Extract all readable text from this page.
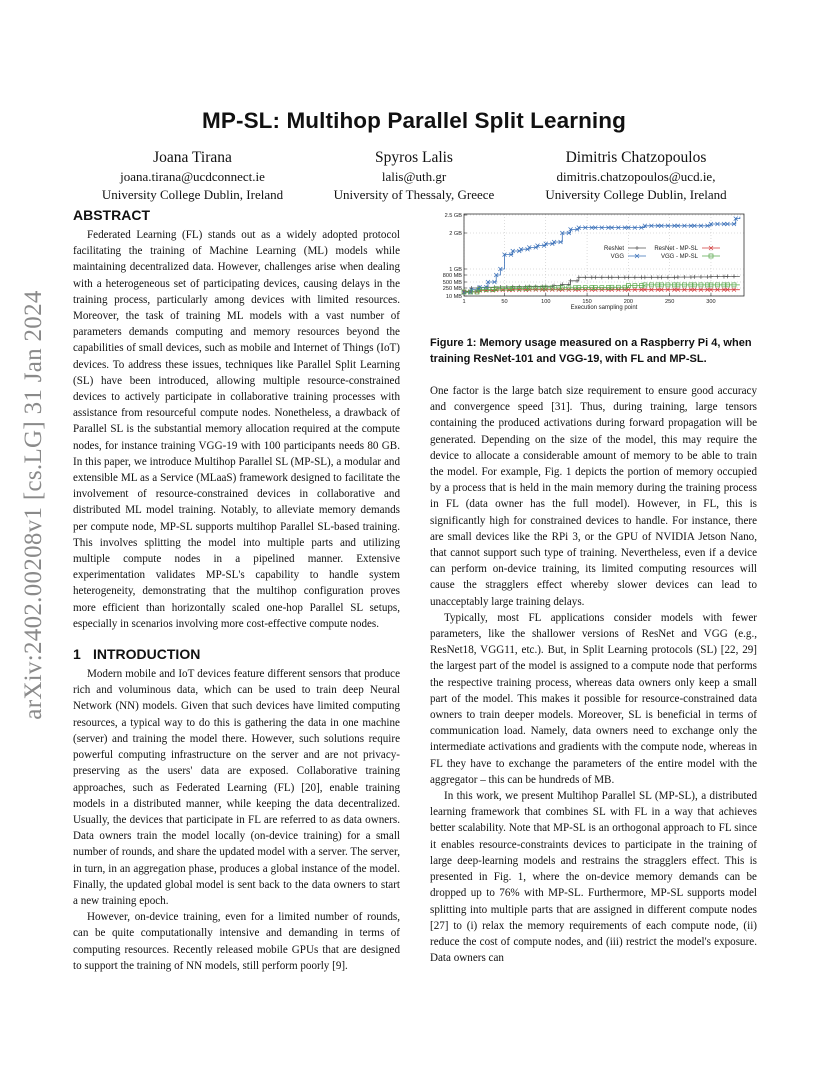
arXiv:2402.00208v1 [cs.LG] 31 Jan 2024
MP-SL: Multihop Parallel Split Learning
Joana Tirana
joana.tirana@ucdconnect.ie
University College Dublin, Ireland
Spyros Lalis
lalis@uth.gr
University of Thessaly, Greece
Dimitris Chatzopoulos
dimitris.chatzopoulos@ucd.ie,
University College Dublin, Ireland
ABSTRACT

Federated Learning (FL) stands out as a widely adopted protocol facilitating the training of Machine Learning (ML) models while maintaining decentralized data. However, challenges arise when dealing with a heterogeneous set of participating devices, causing delays in the training process, particularly among devices with limited resources. Moreover, the task of training ML models with a vast number of parameters demands computing and memory resources beyond the capabilities of small devices, such as mobile and Internet of Things (IoT) devices. To address these issues, techniques like Parallel Split Learning (SL) have been introduced, allowing multiple resource-constrained devices to actively participate in collaborative training processes with assistance from resourceful compute nodes. Nonetheless, a drawback of Parallel SL is the substantial memory allocation required at the compute nodes, for instance training VGG-19 with 100 participants needs 80 GB. In this paper, we introduce Multihop Parallel SL (MP-SL), a modular and extensible ML as a Service (MLaaS) framework designed to facilitate the involvement of resource-constrained devices in collaborative and distributed ML model training. Notably, to alleviate memory demands per compute node, MP-SL supports multihop Parallel SL-based training. This involves splitting the model into multiple parts and utilizing multiple compute nodes in a pipelined manner. Extensive experimentation validates MP-SL's capability to handle system heterogeneity, demonstrating that the multihop configuration proves more efficient than horizontally scaled one-hop Parallel SL setups, especially in scenarios involving more cost-effective compute nodes.

1 INTRODUCTION

Modern mobile and IoT devices feature different sensors that produce rich and voluminous data, which can be used to train deep Neural Network (NN) models. Given that such devices have limited computing resources, a typical way to do this is gathering the data in one machine (server) and training the model there. However, such solutions require powerful computing infrastructure on the server and are not privacy-preserving as the users' data are exposed. Collaborative training approaches, such as Federated Learning (FL) [20], enable training models in a distributed manner, while keeping the data decentralized. Usually, the devices that participate in FL are referred to as data owners. Data owners train the model locally (on-device training) for a small number of rounds, and share the updated model with a server. The server, in turn, in an aggregation phase, produces a global instance of the model. Finally, the updated global model is sent back to the data owners to start a new training epoch.

However, on-device training, even for a limited number of rounds, can be quite computationally intensive and demanding in terms of computing resources. Recently released mobile GPUs that are designed to support the training of NN models, still perform poorly [9].

10 MB
250 MB
500 MB
800 MB
1 GB
2 GB
2.5 GB
1	50	100	150	200	250	300
Execution sampling point
ResNet	ResNet - MP-SL
VGG	VGG - MP-SL

Figure 1: Memory usage measured on a Raspberry Pi 4, when training ResNet-101 and VGG-19, with FL and MP-SL.

One factor is the large batch size requirement to ensure good accuracy and convergence speed [31]. Thus, during training, large tensors containing the produced activations during forward propagation will be generated. Depending on the size of the model, this may require the device to allocate a considerable amount of memory to be able to train the model. For example, Fig. 1 depicts the portion of memory occupied by a process that is held in the main memory during the training process in FL (data owner has the full model). However, in FL, this is significantly high for constrained devices to handle. For instance, there are small devices like the RPi 3, or the GPU of NVIDIA Jetson Nano, that cannot support such type of training. Nevertheless, even if a device can perform on-device training, its limited computing resources will cause the stragglers effect whereby slower devices can lead to unacceptably large training delays.

Typically, most FL applications consider models with fewer parameters, like the shallower versions of ResNet and VGG (e.g., ResNet18, VGG11, etc.). But, in Split Learning protocols (SL) [22, 29] the largest part of the model is assigned to a compute node that performs the respective training process, whereas data owners only keep a small part of the model. This makes it possible for resource-constrained data owners to train deeper models. Moreover, SL is beneficial in terms of communication load. Namely, data owners need to exchange only the intermediate activations and gradients with the compute node, whereas in FL they have to exchange the parameters of the entire model with the aggregator – this can be hundreds of MB.

In this work, we present Multihop Parallel SL (MP-SL), a distributed learning framework that combines SL with FL in a way that achieves better scalability. Note that MP-SL is an orthogonal approach to FL since it enables resource-constraints devices to participate in the training of large deep-learning models and restrains the stragglers effect. This is presented in Fig. 1, where the on-device memory demands can be dropped up to 76% with MP-SL. Furthermore, MP-SL supports model splitting into multiple parts that are assigned in different compute nodes [27] to (i) relax the memory requirements of each compute node, (ii) reduce the cost of compute nodes, and (iii) restrict the model's exposure. Data owners can
